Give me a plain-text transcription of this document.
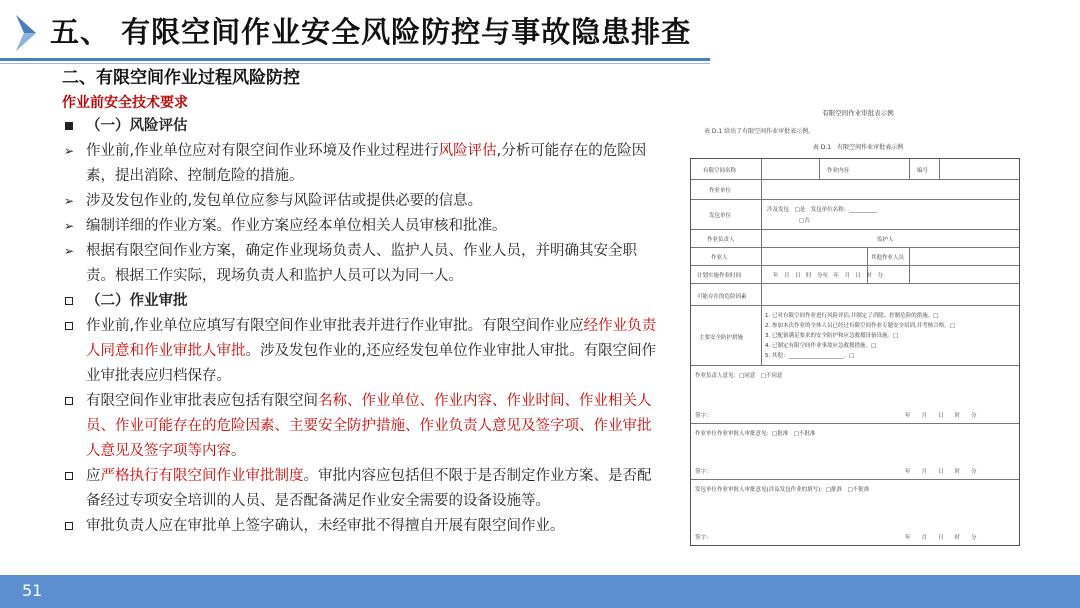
五、 有限空间作业安全风险防控与事故隐患排查
二、有限空间作业过程风险防控
作业前安全技术要求
（一）风险评估
➢ 作业前,作业单位应对有限空间作业环境及作业过程进行风险评估,分析可能存在的危险因素，提出消除、控制危险的措施。
➢ 涉及发包作业的,发包单位应参与风险评估或提供必要的信息。
➢ 编制详细的作业方案。作业方案应经本单位相关人员审核和批准。
➢ 根据有限空间作业方案，确定作业现场负责人、监护人员、作业人员，并明确其安全职责。根据工作实际，现场负责人和监护人员可以为同一人。
（二）作业审批
作业前,作业单位应填写有限空间作业审批表并进行作业审批。有限空间作业应经作业负责人同意和作业审批人审批。涉及发包作业的,还应经发包单位作业审批人审批。有限空间作业审批表应归档保存。
有限空间作业审批表应包括有限空间名称、作业单位、作业内容、作业时间、作业相关人员、作业可能存在的危险因素、主要安全防护措施、作业负责人意见及签字项、作业审批人意见及签字项等内容。
应严格执行有限空间作业审批制度。审批内容应包括但不限于是否制定作业方案、是否配备经过专项安全培训的人员、是否配备满足作业安全需要的设备设施等。
审批负责人应在审批单上签字确认，未经审批不得擅自开展有限空间作业。
有限空间作业审批表示例
表 D.1 给出了有限空间作业审批表示例。
表 D.1　有限空间作业审批表示例
有限空间名称	作业内容	编号
作业单位
发包单位
涉及发包　□是　发包单位名称：__________
□否
作业负责人	监护人
作业人	其他作业人员
计划实施作业时间	年　月　日　时　分至　年　月　日　时　分
可能存在的危险因素
主要安全防护措施
1. 已对有限空间作业进行风险评估,并制定了消除、控制危险的措施。□
2. 参加本次作业的全体人员已经过有限空间作业专题安全培训,并考核合格。□
3. 已配备满足要求的安全防护和应急救援设备设施。□
4. 已制定有限空间作业事故应急救援措施。□
5. 其他：____________________。□
作业负责人意见：□同意　□不同意
签字：	年　　月　　日　　时　　分
作业单位作业审批人审批意见：□批准　□不批准
签字：	年　　月　　日　　时　　分
发包单位作业审批人审批意见(涉及发包作业的填写)：□批准　□不批准
签字：	年　　月　　日　　时　　分
51
